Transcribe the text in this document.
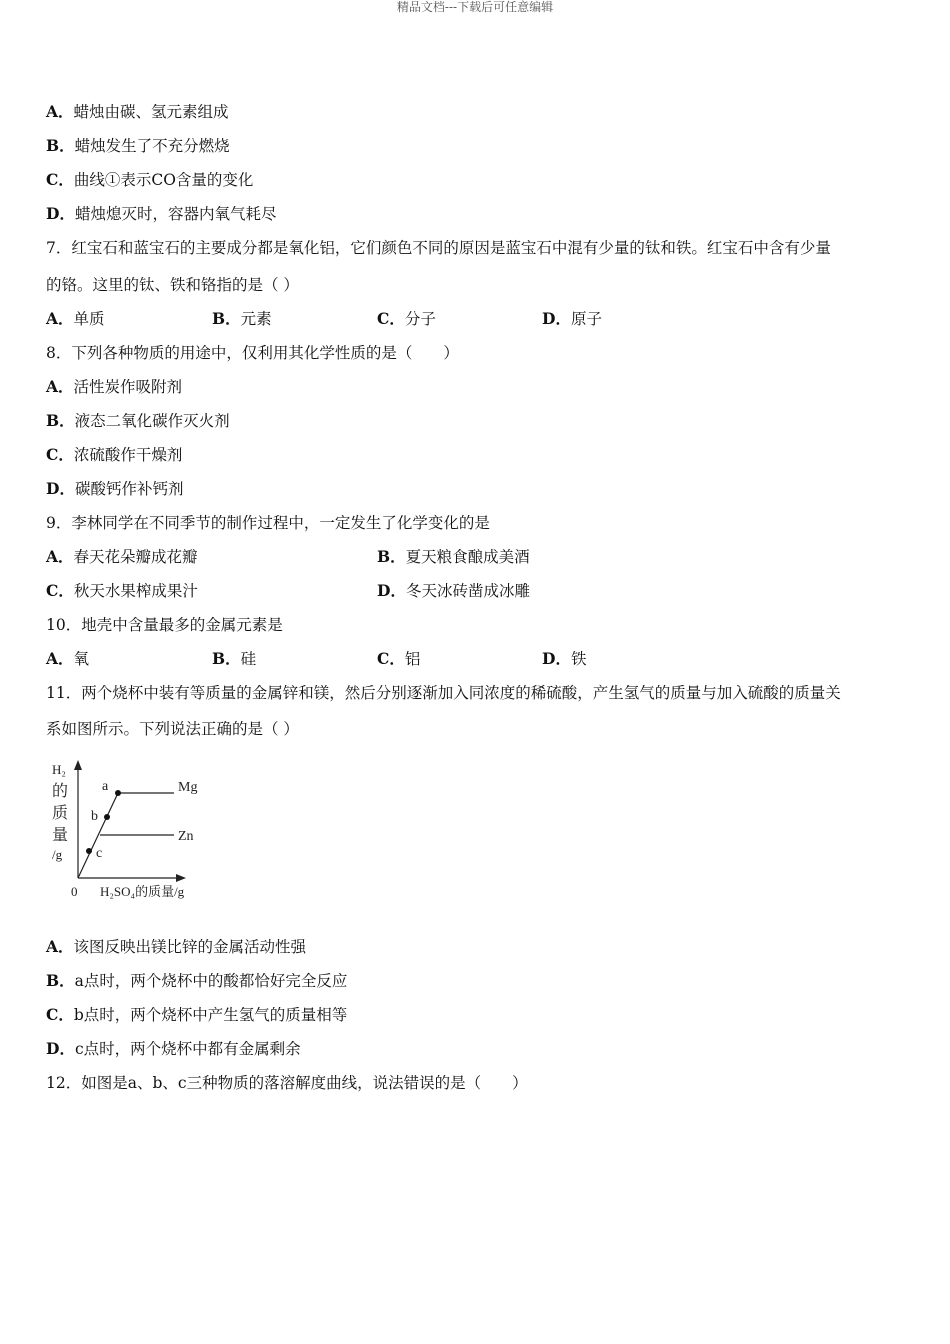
精品文档---下载后可任意编辑
A．蜡烛由碳、氢元素组成
B．蜡烛发生了不充分燃烧
C．曲线①表示CO含量的变化
D．蜡烛熄灭时，容器内氧气耗尽
7．红宝石和蓝宝石的主要成分都是氧化铝，它们颜色不同的原因是蓝宝石中混有少量的钛和铁。红宝石中含有少量
的铬。这里的钛、铁和铬指的是（ ）
A．单质	B．元素	C．分子	D．原子
8．下列各种物质的用途中，仅利用其化学性质的是（　　）
A．活性炭作吸附剂
B．液态二氧化碳作灭火剂
C．浓硫酸作干燥剂
D．碳酸钙作补钙剂
9．李林同学在不同季节的制作过程中，一定发生了化学变化的是
A．春天花朵瓣成花瓣	B．夏天粮食酿成美酒
C．秋天水果榨成果汁	D．冬天冰砖凿成冰雕
10．地壳中含量最多的金属元素是
A．氧	B．硅	C．铝	D．铁
11．两个烧杯中装有等质量的金属锌和镁，然后分别逐渐加入同浓度的稀硫酸，产生氢气的质量与加入硫酸的质量关
系如图所示。下列说法正确的是（ ）
H₂
的
质
量
/g
a
b
c
Mg
Zn
0 H₂SO₄的质量/g
A．该图反映出镁比锌的金属活动性强
B．a点时，两个烧杯中的酸都恰好完全反应
C．b点时，两个烧杯中产生氢气的质量相等
D．c点时，两个烧杯中都有金属剩余
12．如图是a、b、c三种物质的落溶解度曲线，说法错误的是（　　）
